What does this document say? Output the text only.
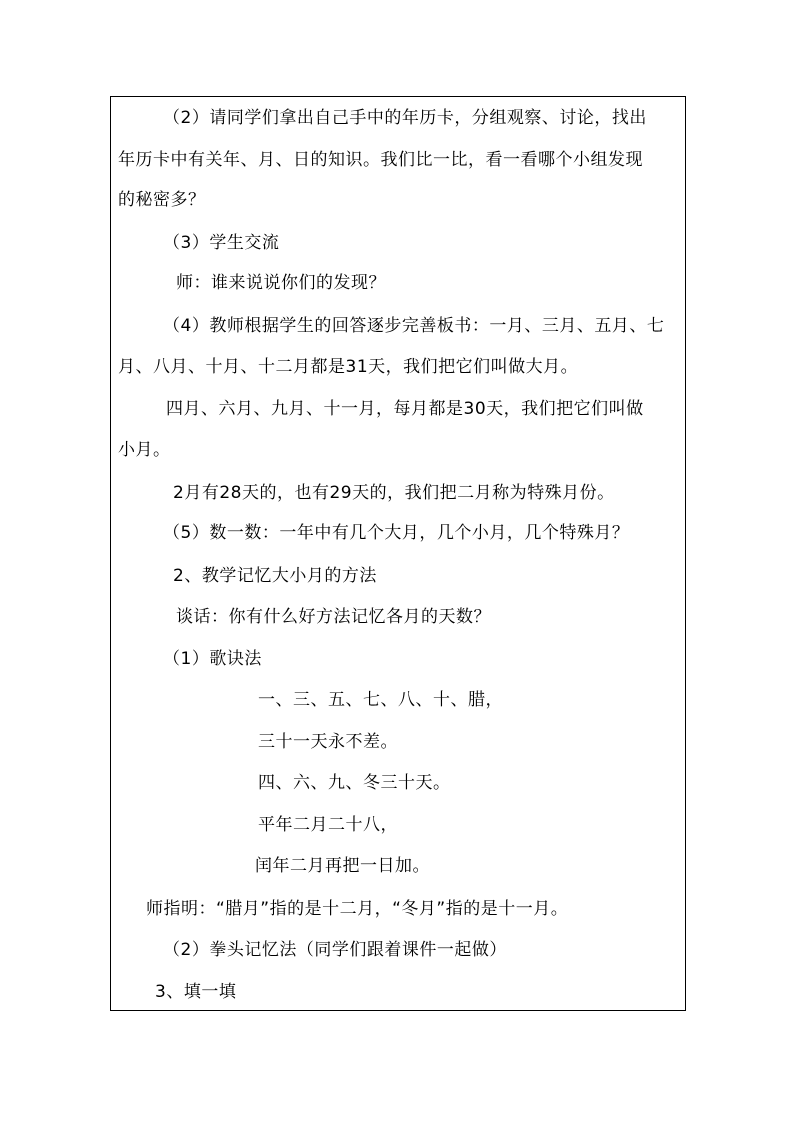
（2）请同学们拿出自己手中的年历卡，分组观察、讨论，找出
年历卡中有关年、月、日的知识。我们比一比，看一看哪个小组发现
的秘密多？
（3）学生交流
师：谁来说说你们的发现？
（4）教师根据学生的回答逐步完善板书：一月、三月、五月、七
月、八月、十月、十二月都是31天，我们把它们叫做大月。
四月、六月、九月、十一月，每月都是30天，我们把它们叫做
小月。
2月有28天的，也有29天的，我们把二月称为特殊月份。
（5）数一数：一年中有几个大月，几个小月，几个特殊月？
2、教学记忆大小月的方法
谈话：你有什么好方法记忆各月的天数？
（1）歌诀法
一、三、五、七、八、十、腊，
三十一天永不差。
四、六、九、冬三十天。
平年二月二十八，
闰年二月再把一日加。
师指明：“腊月”指的是十二月，“冬月”指的是十一月。
（2）拳头记忆法（同学们跟着课件一起做）
3、填一填
